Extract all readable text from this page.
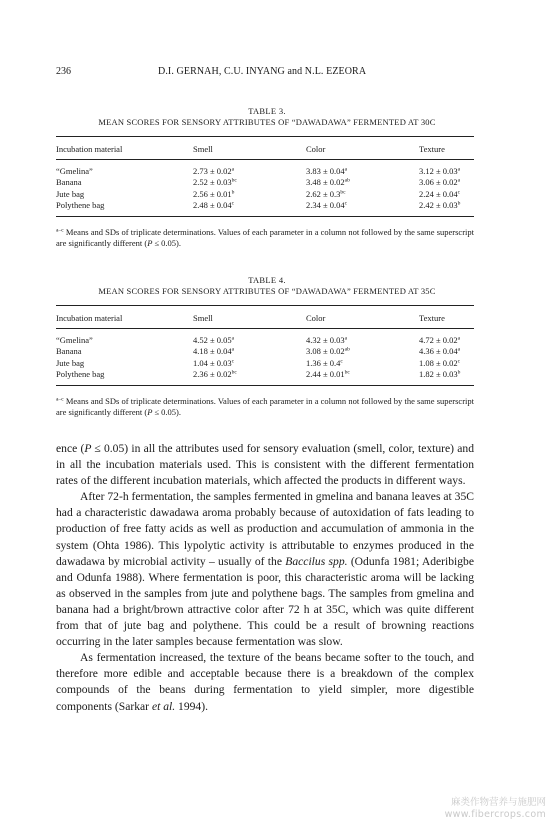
236	D.I. GERNAH, C.U. INYANG and N.L. EZEORA
TABLE 3.
MEAN SCORES FOR SENSORY ATTRIBUTES OF “DAWADAWA” FERMENTED AT 30C
Incubation material	Smell	Color	Texture
“Gmelina”	2.73 ± 0.02$^a$	3.83 ± 0.04$^a$	3.12 ± 0.03$^a$
Banana	2.52 ± 0.03$^{bc}$	3.48 ± 0.02$^{ab}$	3.06 ± 0.02$^a$
Jute bag	2.56 ± 0.01$^b$	2.62 ± 0.3$^{bc}$	2.24 ± 0.04$^c$
Polythene bag	2.48 ± 0.04$^c$	2.34 ± 0.04$^c$	2.42 ± 0.03$^b$
$^{a-c}$ Means and SDs of triplicate determinations. Values of each parameter in a column not followed by the same superscript are significantly different (P ≤ 0.05).
TABLE 4.
MEAN SCORES FOR SENSORY ATTRIBUTES OF “DAWADAWA” FERMENTED AT 35C
Incubation material	Smell	Color	Texture
“Gmelina”	4.52 ± 0.05$^a$	4.32 ± 0.03$^a$	4.72 ± 0.02$^a$
Banana	4.18 ± 0.04$^a$	3.08 ± 0.02$^{ab}$	4.36 ± 0.04$^a$
Jute bag	1.04 ± 0.03$^c$	1.36 ± 0.4$^c$	1.08 ± 0.02$^c$
Polythene bag	2.36 ± 0.02$^{bc}$	2.44 ± 0.01$^{bc}$	1.82 ± 0.03$^b$
$^{a-c}$ Means and SDs of triplicate determinations. Values of each parameter in a column not followed by the same superscript are significantly different (P ≤ 0.05).

ence (P ≤ 0.05) in all the attributes used for sensory evaluation (smell, color, texture) and in all the incubation materials used. This is consistent with the different fermentation rates of the different incubation materials, which affected the products in different ways.

After 72-h fermentation, the samples fermented in gmelina and banana leaves at 35C had a characteristic dawadawa aroma probably because of autoxidation of fats leading to production of free fatty acids as well as production and accumulation of ammonia in the system (Ohta 1986). This lypolytic activity is attributable to enzymes produced in the dawadawa by microbial activity – usually of the Baccilus spp. (Odunfa 1981; Aderibigbe and Odunfa 1988). Where fermentation is poor, this characteristic aroma will be lacking as observed in the samples from jute and polythene bags. The samples from gmelina and banana had a bright/brown attractive color after 72 h at 35C, which was quite different from that of jute bag and polythene. This could be a result of browning reactions occurring in the later samples because fermentation was slow.

As fermentation increased, the texture of the beans became softer to the touch, and therefore more edible and acceptable because there is a breakdown of the complex compounds of the beans during fermentation to yield simpler, more digestible components (Sarkar et al. 1994).

麻类作物营养与施肥网
www.fibercrops.com
